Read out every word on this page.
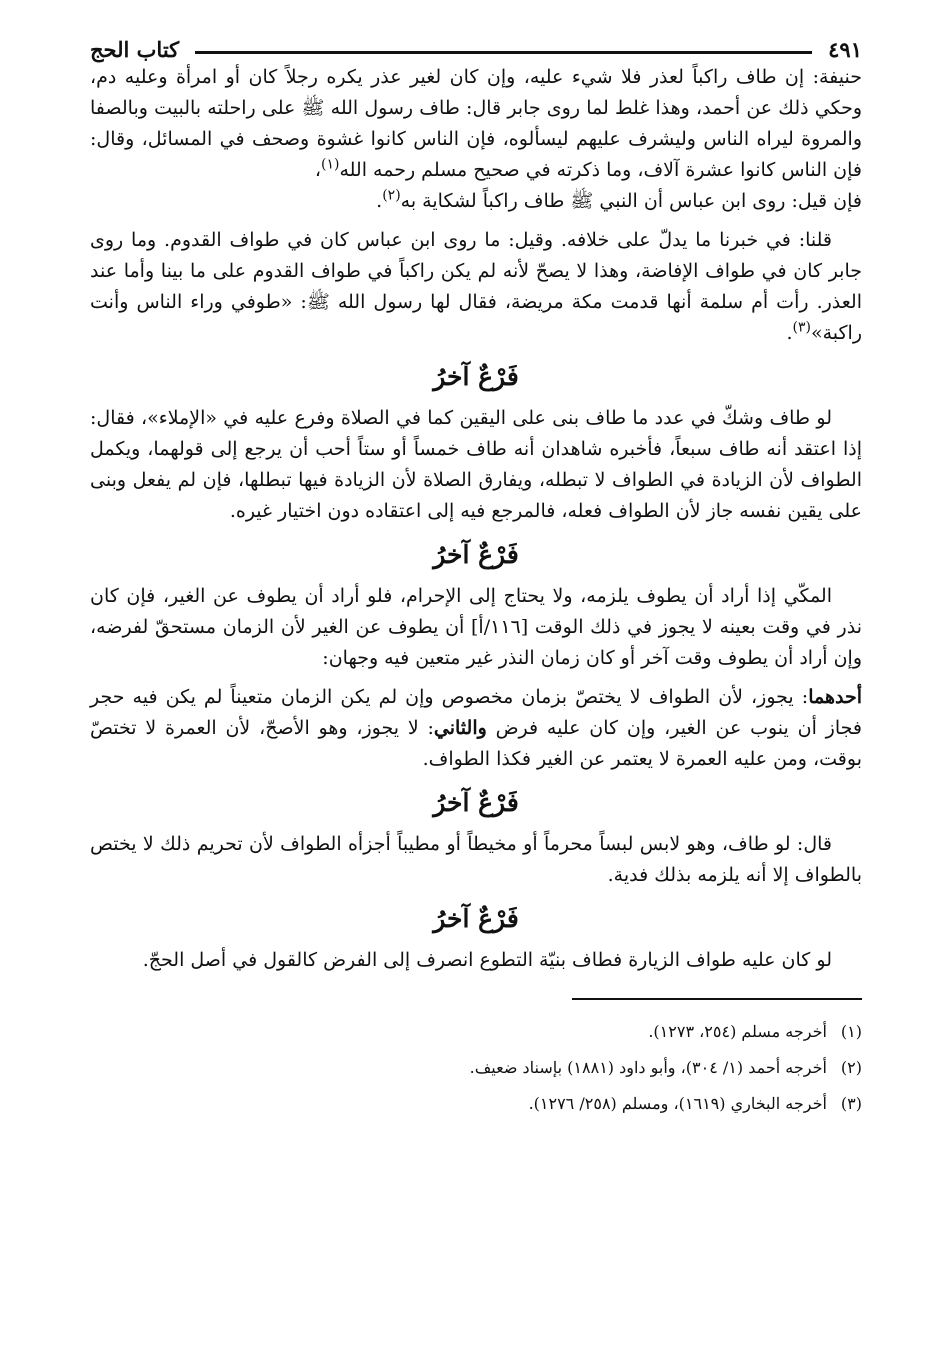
كتاب الحج	٤٩١

حنيفة: إن طاف راكباً لعذر فلا شيء عليه، وإن كان لغير عذر يكره رجلاً كان أو امرأة وعليه دم، وحكي ذلك عن أحمد، وهذا غلط لما روى جابر قال: طاف رسول الله ﷺ على راحلته بالبيت وبالصفا والمروة ليراه الناس وليشرف عليهم ليسألوه، فإن الناس كانوا غشوة وصحف في المسائل، وقال: فإن الناس كانوا عشرة آلاف، وما ذكرته في صحيح مسلم رحمه الله$^{(١)}$،
فإن قيل: روى ابن عباس أن النبي ﷺ طاف راكباً لشكاية به$^{(٢)}$.

قلنا: في خبرنا ما يدلّ على خلافه. وقيل: ما روى ابن عباس كان في طواف القدوم. وما روى جابر كان في طواف الإفاضة، وهذا لا يصحّ لأنه لم يكن راكباً في طواف القدوم على ما بينا وأما عند العذر. رأت أم سلمة أنها قدمت مكة مريضة، فقال لها رسول الله ﷺ: «طوفي وراء الناس وأنت راكبة»$^{(٣)}$.

فَرْعٌ آخرُ

لو طاف وشكّ في عدد ما طاف بنى على اليقين كما في الصلاة وفرع عليه في «الإملاء»، فقال: إذا اعتقد أنه طاف سبعاً، فأخبره شاهدان أنه طاف خمساً أو ستاً أحب أن يرجع إلى قولهما، ويكمل الطواف لأن الزيادة في الطواف لا تبطله، ويفارق الصلاة لأن الزيادة فيها تبطلها، فإن لم يفعل وبنى على يقين نفسه جاز لأن الطواف فعله، فالمرجع فيه إلى اعتقاده دون اختيار غيره.

فَرْعٌ آخرُ

المكّي إذا أراد أن يطوف يلزمه، ولا يحتاج إلى الإحرام، فلو أراد أن يطوف عن الغير، فإن كان نذر في وقت بعينه لا يجوز في ذلك الوقت [١١٦/أ] أن يطوف عن الغير لأن الزمان مستحقّ لفرضه، وإن أراد أن يطوف وقت آخر أو كان زمان النذر غير متعين فيه وجهان:

أحدهما: يجوز، لأن الطواف لا يختصّ بزمان مخصوص وإن لم يكن الزمان متعيناً لم يكن فيه حجر فجاز أن ينوب عن الغير، وإن كان عليه فرض والثاني: لا يجوز، وهو الأصحّ، لأن العمرة لا تختصّ بوقت، ومن عليه العمرة لا يعتمر عن الغير فكذا الطواف.

فَرْعٌ آخرُ

قال: لو طاف، وهو لابس لبساً محرماً أو مخيطاً أو مطيباً أجزأه الطواف لأن تحريم ذلك لا يختص بالطواف إلا أنه يلزمه بذلك فدية.

فَرْعٌ آخرُ

لو كان عليه طواف الزيارة فطاف بنيّة التطوع انصرف إلى الفرض كالقول في أصل الحجّ.

(١)
أخرجه مسلم (٢٥٤، ١٢٧٣).
(٢)
أخرجه أحمد (١/ ٣٠٤)، وأبو داود (١٨٨١) بإسناد ضعيف.
(٣)
أخرجه البخاري (١٦١٩)، ومسلم (٢٥٨/ ١٢٧٦).
